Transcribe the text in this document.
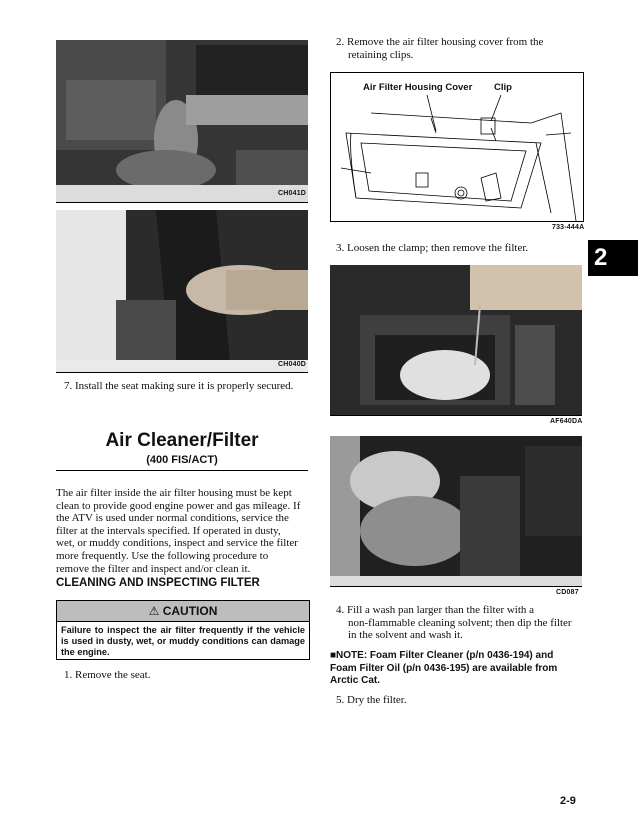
CH041D
CH040D
7. Install the seat making sure it is properly secured.
Air Cleaner/Filter
(400 FIS/ACT)
The air filter inside the air filter housing must be kept
clean to provide good engine power and gas mileage. If
the ATV is used under normal conditions, service the
filter at the intervals specified. If operated in dusty,
wet, or muddy conditions, inspect and service the filter
more frequently. Use the following procedure to
remove the filter and inspect and/or clean it.
CLEANING AND INSPECTING FILTER
⚠ CAUTION
Failure to inspect the air filter frequently if the vehicle is used in dusty, wet, or muddy conditions can damage the engine.
1. Remove the seat.
2. Remove the air filter housing cover from the
retaining clips.
Air Filter Housing Cover Clip
733-444A
3. Loosen the clamp; then remove the filter.
AF640DA
CD087
4. Fill a wash pan larger than the filter with a
non-flammable cleaning solvent; then dip the filter
in the solvent and wash it.
■NOTE: Foam Filter Cleaner (p/n 0436-194) and
Foam Filter Oil (p/n 0436-195) are available from
Arctic Cat.
5. Dry the filter.
2
2-9
